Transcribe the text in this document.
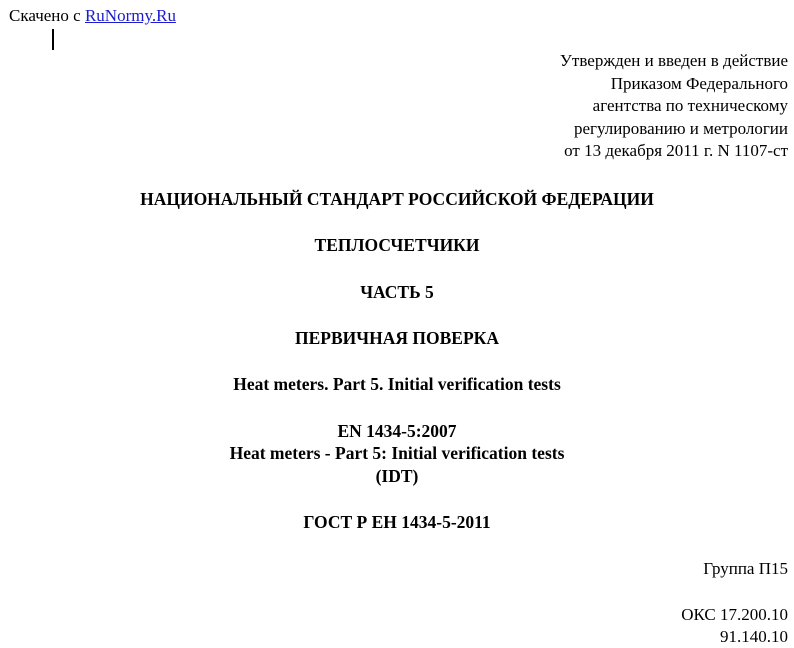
Скачено с RuNormy.Ru
Утвержден и введен в действие
Приказом Федерального
агентства по техническому
регулированию и метрологии
от 13 декабря 2011 г. N 1107-ст
НАЦИОНАЛЬНЫЙ СТАНДАРТ РОССИЙСКОЙ ФЕДЕРАЦИИ
ТЕПЛОСЧЕТЧИКИ
ЧАСТЬ 5
ПЕРВИЧНАЯ ПОВЕРКА
Heat meters. Part 5. Initial verification tests
EN 1434-5:2007
Heat meters - Part 5: Initial verification tests
(IDT)
ГОСТ Р ЕН 1434-5-2011
Группа П15
ОКС 17.200.10
91.140.10
